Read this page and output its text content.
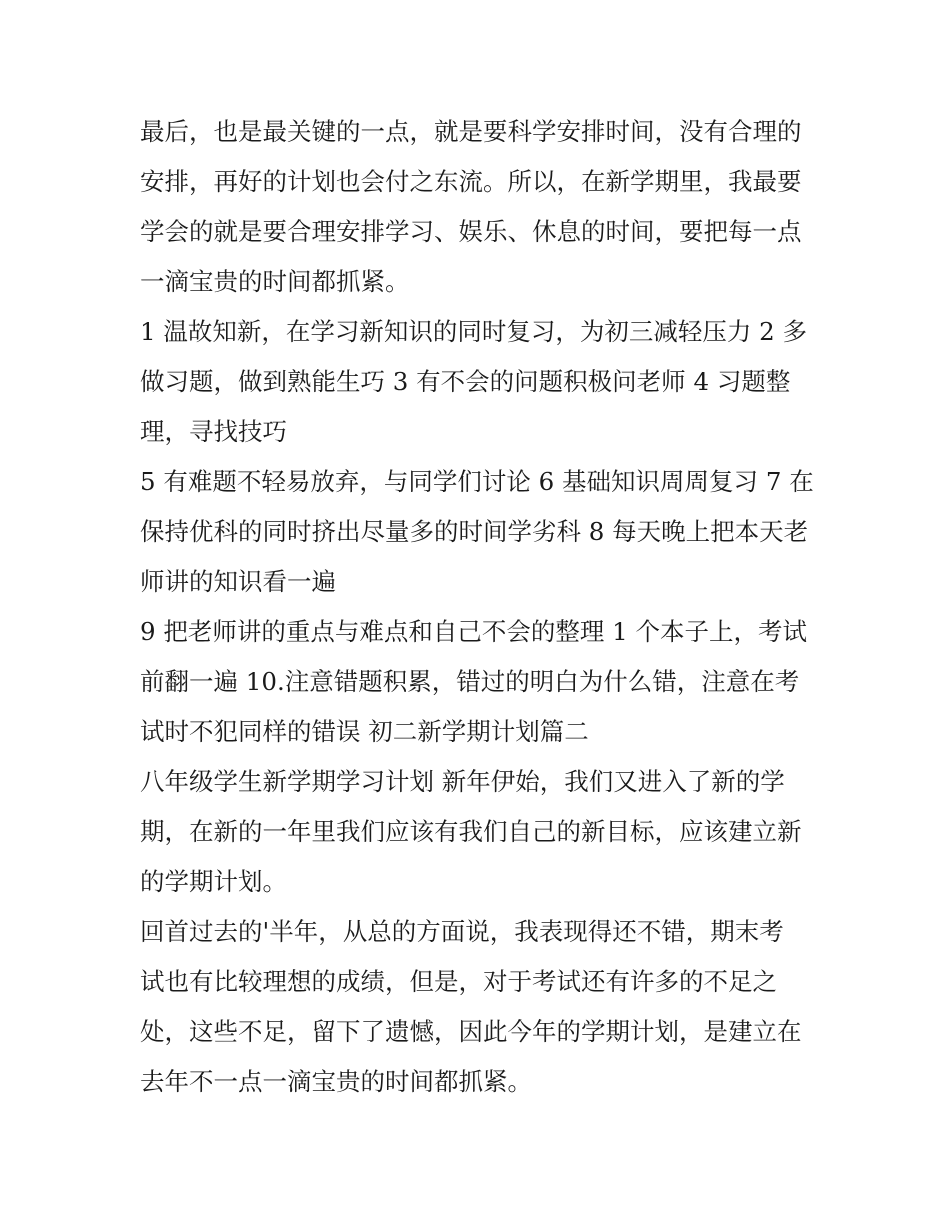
最后，也是最关键的一点，就是要科学安排时间，没有合理的
安排，再好的计划也会付之东流。所以，在新学期里，我最要
学会的就是要合理安排学习、娱乐、休息的时间，要把每一点
一滴宝贵的时间都抓紧。
1 温故知新，在学习新知识的同时复习，为初三减轻压力 2 多
做习题，做到熟能生巧 3 有不会的问题积极问老师 4 习题整
理，寻找技巧
5 有难题不轻易放弃，与同学们讨论 6 基础知识周周复习 7 在
保持优科的同时挤出尽量多的时间学劣科 8 每天晚上把本天老
师讲的知识看一遍
9 把老师讲的重点与难点和自己不会的整理 1 个本子上，考试
前翻一遍 10.注意错题积累，错过的明白为什么错，注意在考
试时不犯同样的错误 初二新学期计划篇二
八年级学生新学期学习计划 新年伊始，我们又进入了新的学
期，在新的一年里我们应该有我们自己的新目标，应该建立新
的学期计划。
回首过去的'半年，从总的方面说，我表现得还不错，期末考
试也有比较理想的成绩，但是，对于考试还有许多的不足之
处，这些不足，留下了遗憾，因此今年的学期计划，是建立在
去年不一点一滴宝贵的时间都抓紧。
